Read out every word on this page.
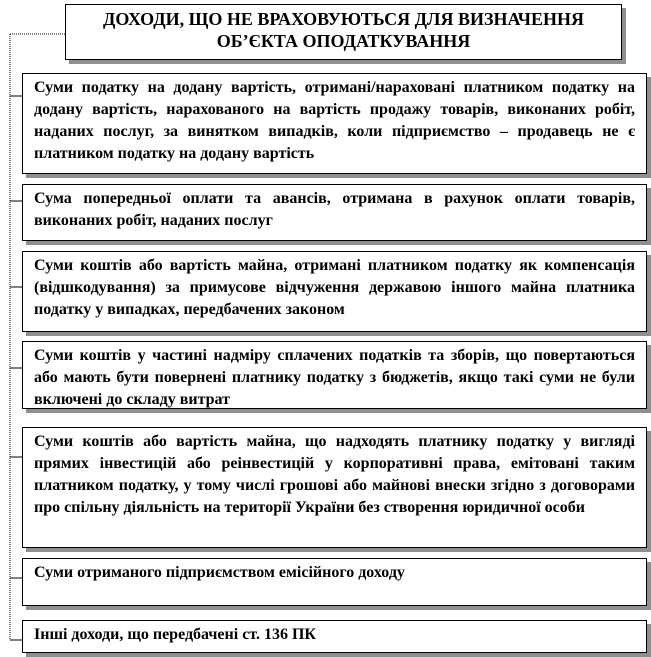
ДОХОДИ, ЩО НЕ ВРАХОВУЮТЬСЯ ДЛЯ ВИЗНАЧЕННЯ
ОБ’ЄКТА ОПОДАТКУВАННЯ
Суми податку на додану вартість, отримані/нараховані платником податку на додану вартість, нарахованого на вартість продажу товарів, виконаних робіт, наданих послуг, за винятком випадків, коли підприємство – продавець не є платником податку на додану вартість
Сума попередньої оплати та авансів, отримана в рахунок оплати товарів, виконаних робіт, наданих послуг
Суми коштів або вартість майна, отримані платником податку як компенсація (відшкодування) за примусове відчуження державою іншого майна платника податку у випадках, передбачених законом
Суми коштів у частині надміру сплачених податків та зборів, що повертаються або мають бути повернені платнику податку з бюджетів, якщо такі суми не були включені до складу витрат
Суми коштів або вартість майна, що надходять платнику податку у вигляді прямих інвестицій або реінвестицій у корпоративні права, емітовані таким платником податку, у тому числі грошові або майнові внески згідно з договорами про спільну діяльність на території України без створення юридичної особи
Суми отриманого підприємством емісійного доходу
Інші доходи, що передбачені ст. 136 ПК
